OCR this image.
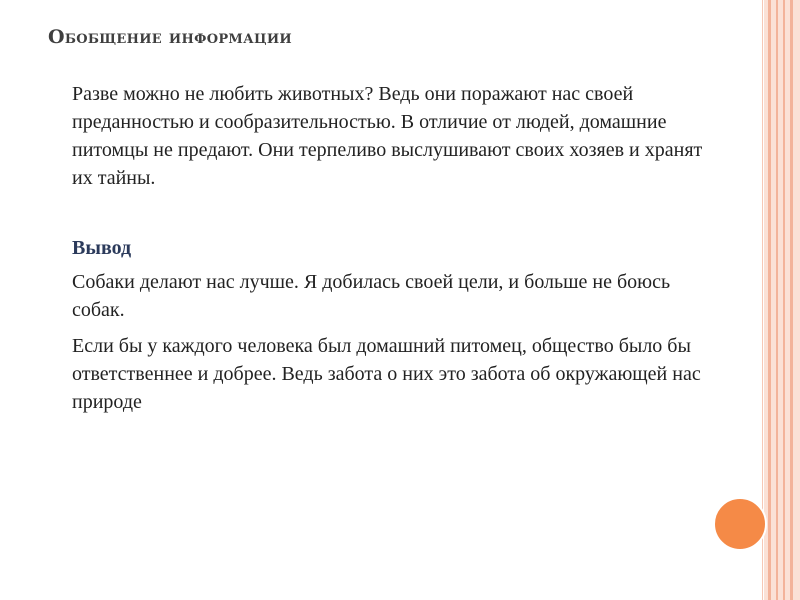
Обобщение информации
Разве можно не любить животных? Ведь они поражают нас своей преданностью и сообразительностью. В отличие от людей, домашние питомцы не предают. Они терпеливо выслушивают своих хозяев и хранят их тайны.
Вывод
Собаки делают нас лучше. Я добилась своей цели, и больше не боюсь собак.
Если бы у каждого человека был домашний питомец, общество было бы ответственнее и добрее. Ведь забота о них это забота об окружающей нас природе
